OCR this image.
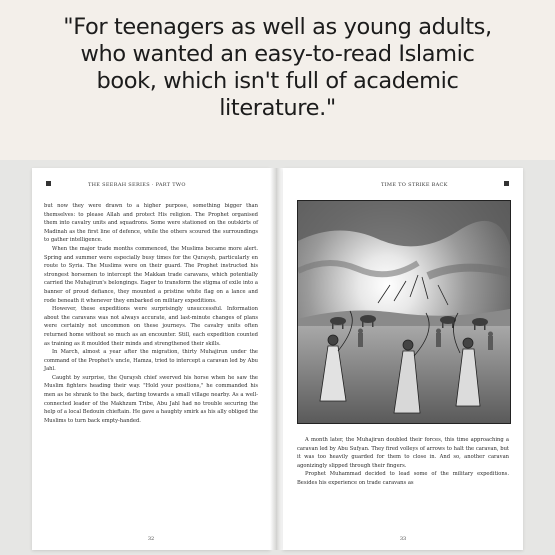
"For teenagers as well as young adults,
who wanted an easy-to-read Islamic
book, which isn't full of academic
literature."

THE SEERAH SERIES · PART TWO

but now they were drawn to a higher purpose, something bigger than themselves: to please Allah and protect His religion. The Prophet organised them into cavalry units and squadrons. Some were stationed on the outskirts of Madinah as the first line of defence, while the others scoured the surroundings to gather intelligence.

When the major trade months commenced, the Muslims became more alert. Spring and summer were especially busy times for the Quraysh, particularly en route to Syria. The Muslims were on their guard. The Prophet instructed his strongest horsemen to intercept the Makkan trade caravans, which potentially carried the Muhajirun's belongings. Eager to transform the stigma of exile into a banner of proud defiance, they mounted a pristine white flag on a lance and rode beneath it whenever they embarked on military expeditions.

However, these expeditions were surprisingly unsuccessful. Information about the caravans was not always accurate, and last-minute changes of plans were certainly not uncommon on these journeys. The cavalry units often returned home without so much as an encounter. Still, each expedition counted as training as it moulded their minds and strengthened their skills.

In March, almost a year after the migration, thirty Muhajirun under the command of the Prophet's uncle, Hamza, tried to intercept a caravan led by Abu Jahl.

Caught by surprise, the Quraysh chief swerved his horse when he saw the Muslim fighters heading their way. "Hold your positions," he commanded his men as he shrank to the back, darting towards a small village nearby. As a well-connected leader of the Makhzum Tribe, Abu Jahl had no trouble securing the help of a local Bedouin chieftain. He gave a haughty smirk as his ally obliged the Muslims to turn back empty-handed.

32
TIME TO STRIKE BACK

A month later, the Muhajirun doubled their forces, this time approaching a caravan led by Abu Sufyan. They fired volleys of arrows to halt the caravan, but it was too heavily guarded for them to close in. And so, another caravan agonizingly slipped through their fingers.

Prophet Muhammad decided to lead some of the military expeditions. Besides his experience on trade caravans as

33
